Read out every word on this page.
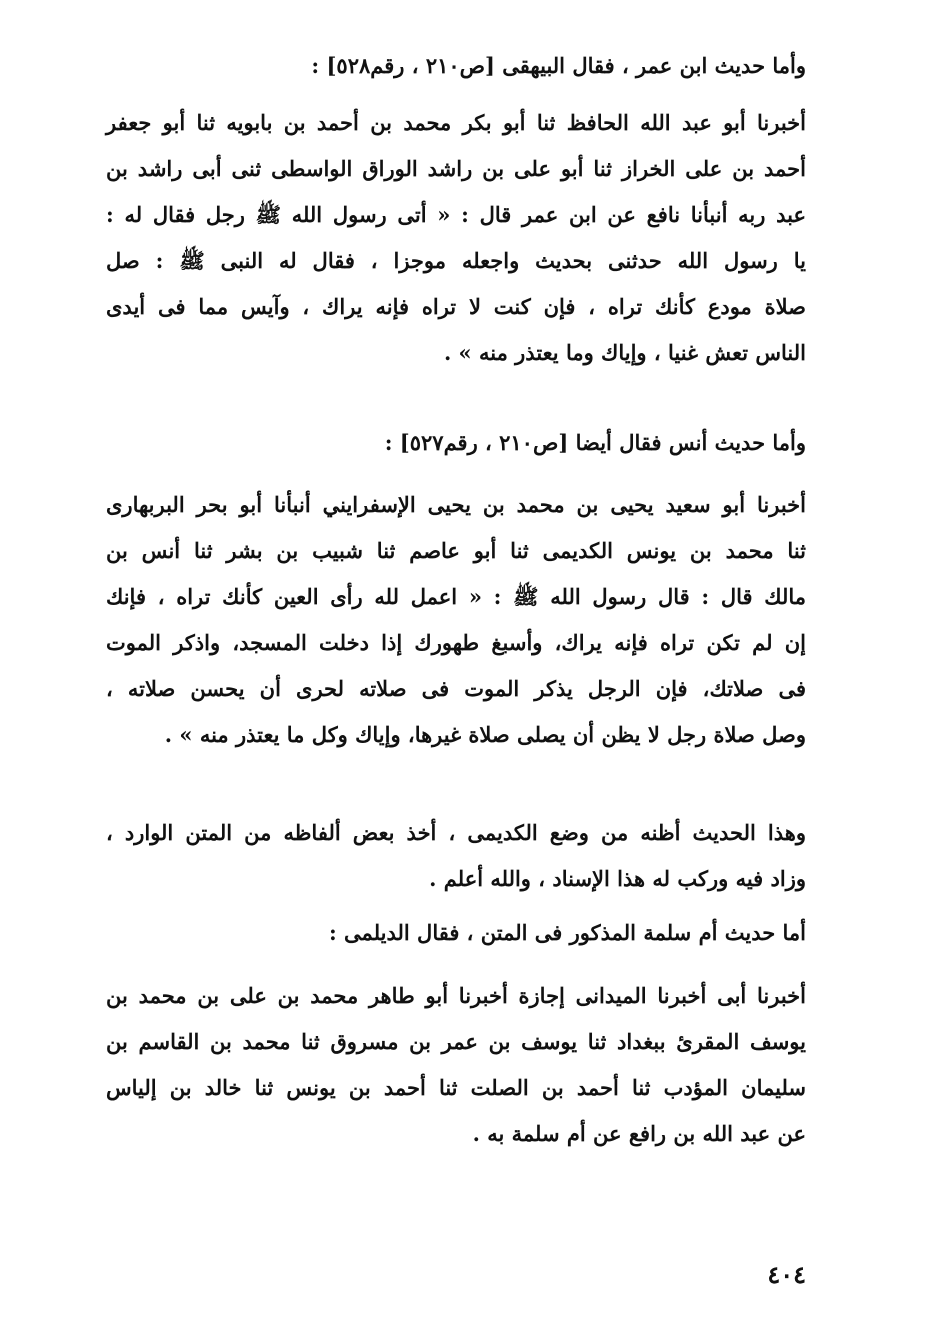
وأما حديث ابن عمر ، فقال البيهقى [ص٢١٠ ، رقم٥٢٨] :
أخبرنا أبو عبد الله الحافظ ثنا أبو بكر محمد بن أحمد بن بابويه ثنا أبو جعفر
أحمد بن على الخراز ثنا أبو على بن راشد الوراق الواسطى ثنى أبى راشد بن
عبد ربه أنبأنا نافع عن ابن عمر قال : « أتى رسول الله ﷺ رجل فقال له :
يا رسول الله حدثنى بحديث واجعله موجزا ، فقال له النبى ﷺ : صل
صلاة مودع كأنك تراه ، فإن كنت لا تراه فإنه يراك ، وآيس مما فى أيدى
الناس تعش غنيا ، وإياك وما يعتذر منه » .
وأما حديث أنس فقال أيضا [ص٢١٠ ، رقم٥٢٧] :
أخبرنا أبو سعيد يحيى بن محمد بن يحيى الإسفرايني أنبأنا أبو بحر البربهارى
ثنا محمد بن يونس الكديمى ثنا أبو عاصم ثنا شبيب بن بشر ثنا أنس بن
مالك قال : قال رسول الله ﷺ : « اعمل لله رأى العين كأنك تراه ، فإنك
إن لم تكن تراه فإنه يراك، وأسبغ طهورك إذا دخلت المسجد، واذكر الموت
فى صلاتك، فإن الرجل يذكر الموت فى صلاته لحرى أن يحسن صلاته ،
وصل صلاة رجل لا يظن أن يصلى صلاة غيرها، وإياك وكل ما يعتذر منه » .
وهذا الحديث أظنه من وضع الكديمى ، أخذ بعض ألفاظه من المتن الوارد ،
وزاد فيه وركب له هذا الإسناد ، والله أعلم .
أما حديث أم سلمة المذكور فى المتن ، فقال الديلمى :
أخبرنا أبى أخبرنا الميدانى إجازة أخبرنا أبو طاهر محمد بن على بن محمد بن
يوسف المقرئ ببغداد ثنا يوسف بن عمر بن مسروق ثنا محمد بن القاسم بن
سليمان المؤدب ثنا أحمد بن الصلت ثنا أحمد بن يونس ثنا خالد بن إلياس
عن عبد الله بن رافع عن أم سلمة به .
٤٠٤
